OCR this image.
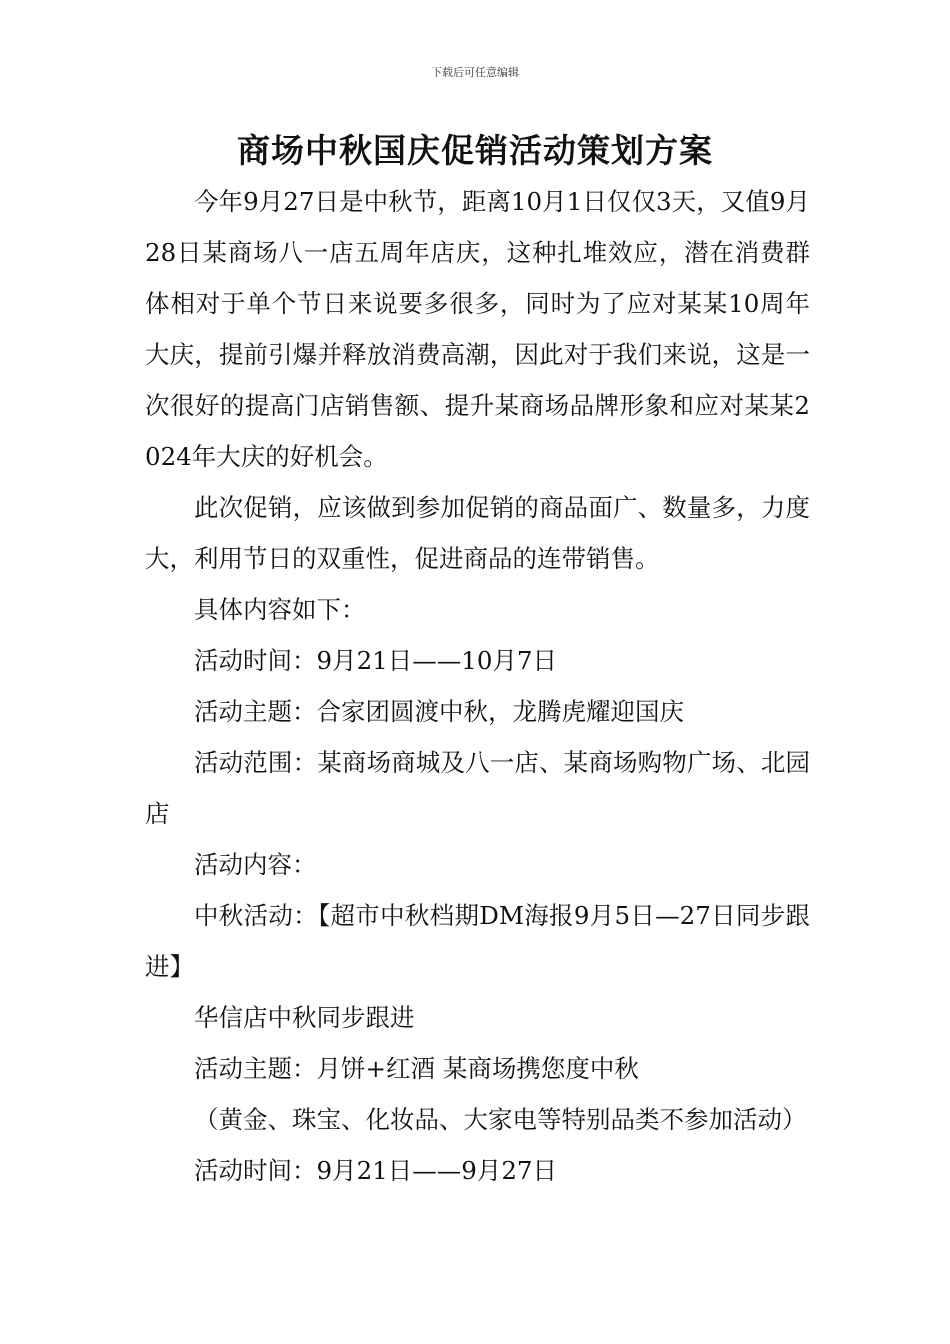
下载后可任意编辑
商场中秋国庆促销活动策划方案

今年9月27日是中秋节，距离10月1日仅仅3天，又值9月28日某商场八一店五周年店庆，这种扎堆效应，潜在消费群体相对于单个节日来说要多很多，同时为了应对某某10周年大庆，提前引爆并释放消费高潮，因此对于我们来说，这是一次很好的提高门店销售额、提升某商场品牌形象和应对某某2024年大庆的好机会。

此次促销，应该做到参加促销的商品面广、数量多，力度大，利用节日的双重性，促进商品的连带销售。

具体内容如下：

活动时间：9月21日——10月7日

活动主题：合家团圆渡中秋，龙腾虎耀迎国庆

活动范围：某商场商城及八一店、某商场购物广场、北园店

活动内容：

中秋活动：【超市中秋档期DM海报9月5日—27日同步跟进】

华信店中秋同步跟进

活动主题：月饼+红酒 某商场携您度中秋

（黄金、珠宝、化妆品、大家电等特别品类不参加活动）

活动时间：9月21日——9月27日
